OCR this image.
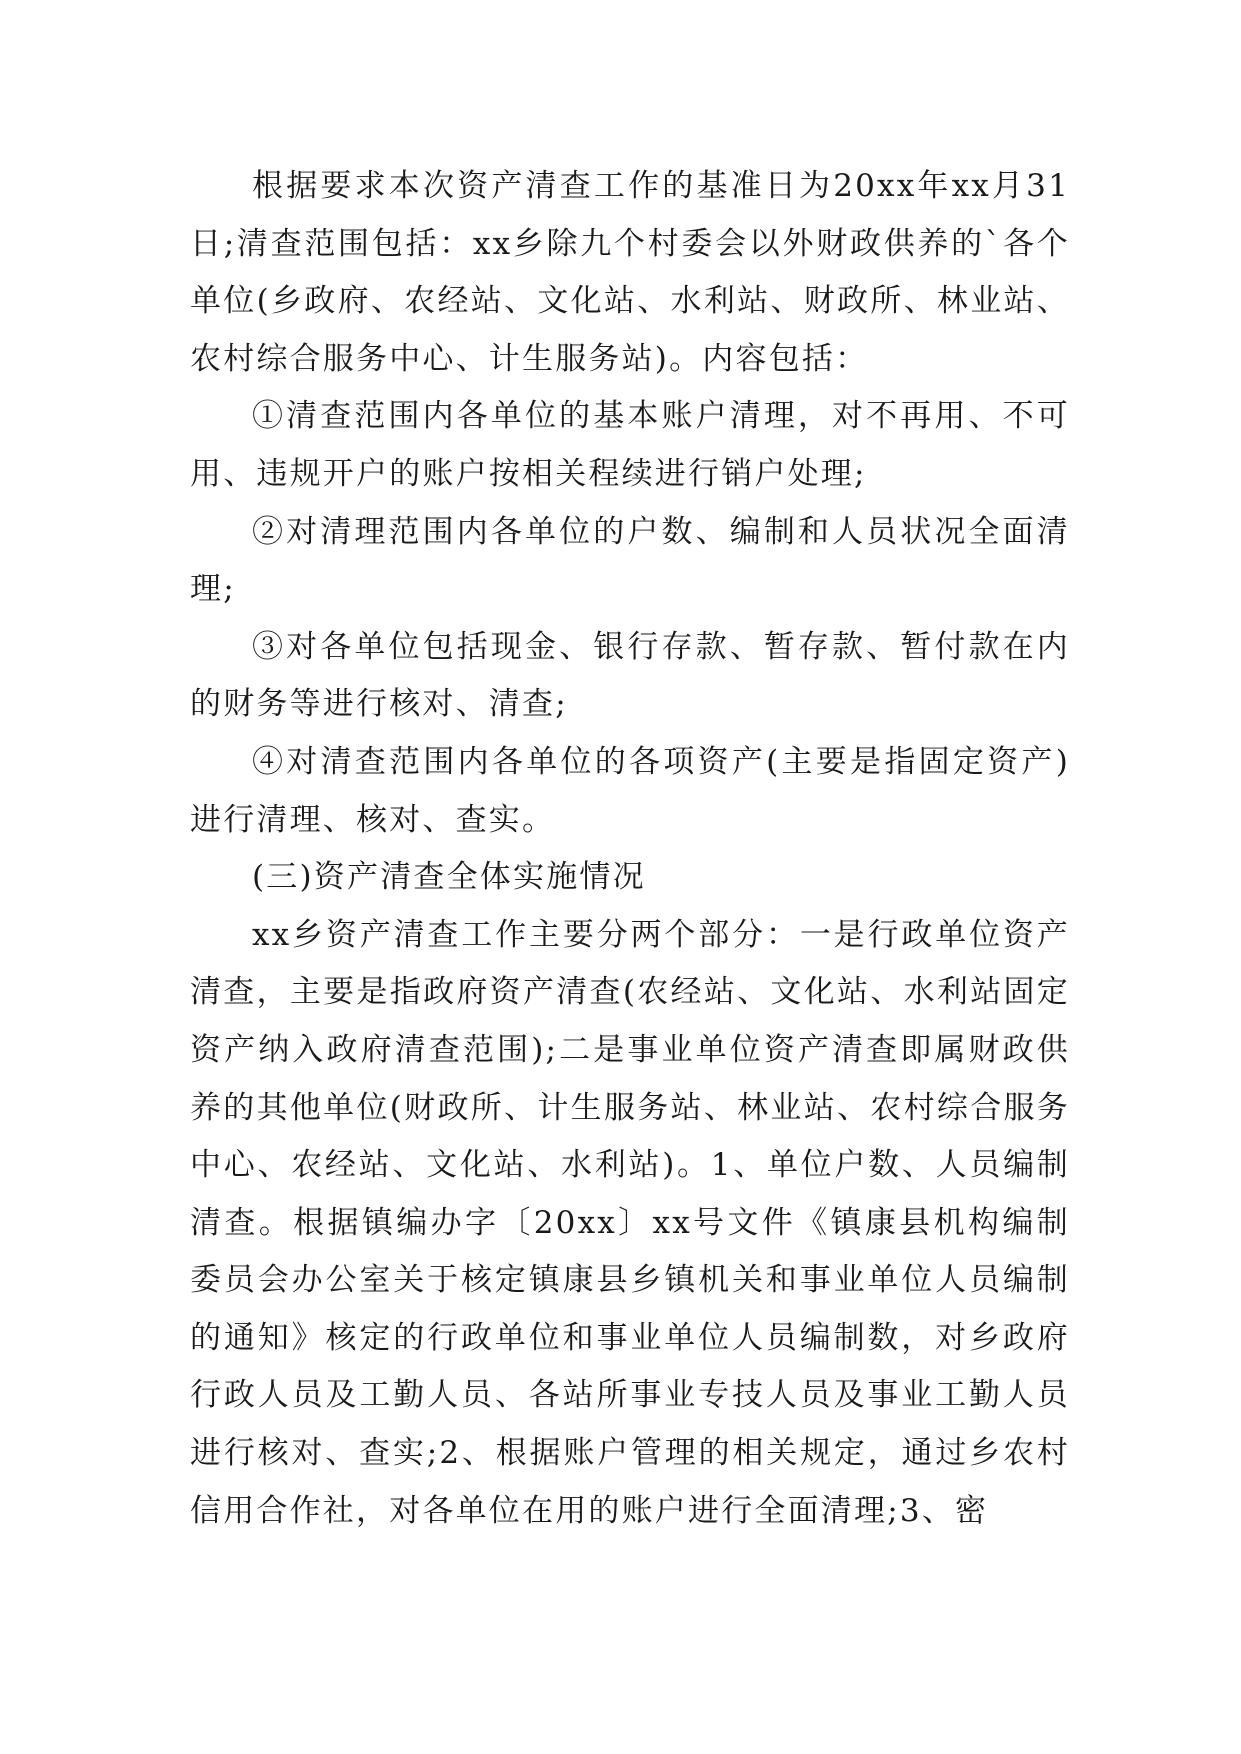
根据要求本次资产清查工作的基准日为20xx年xx月31日;清查范围包括：xx乡除九个村委会以外财政供养的`各个单位(乡政府、农经站、文化站、水利站、财政所、林业站、农村综合服务中心、计生服务站)。内容包括：

①清查范围内各单位的基本账户清理，对不再用、不可用、违规开户的账户按相关程续进行销户处理;

②对清理范围内各单位的户数、编制和人员状况全面清理;

③对各单位包括现金、银行存款、暂存款、暂付款在内的财务等进行核对、清查;

④对清查范围内各单位的各项资产(主要是指固定资产)进行清理、核对、查实。

(三)资产清查全体实施情况

xx乡资产清查工作主要分两个部分：一是行政单位资产清查，主要是指政府资产清查(农经站、文化站、水利站固定资产纳入政府清查范围);二是事业单位资产清查即属财政供养的其他单位(财政所、计生服务站、林业站、农村综合服务中心、农经站、文化站、水利站)。1、单位户数、人员编制清查。根据镇编办字〔20xx〕xx号文件《镇康县机构编制委员会办公室关于核定镇康县乡镇机关和事业单位人员编制的通知》核定的行政单位和事业单位人员编制数，对乡政府行政人员及工勤人员、各站所事业专技人员及事业工勤人员进行核对、查实;2、根据账户管理的相关规定，通过乡农村信用合作社，对各单位在用的账户进行全面清理;3、密
